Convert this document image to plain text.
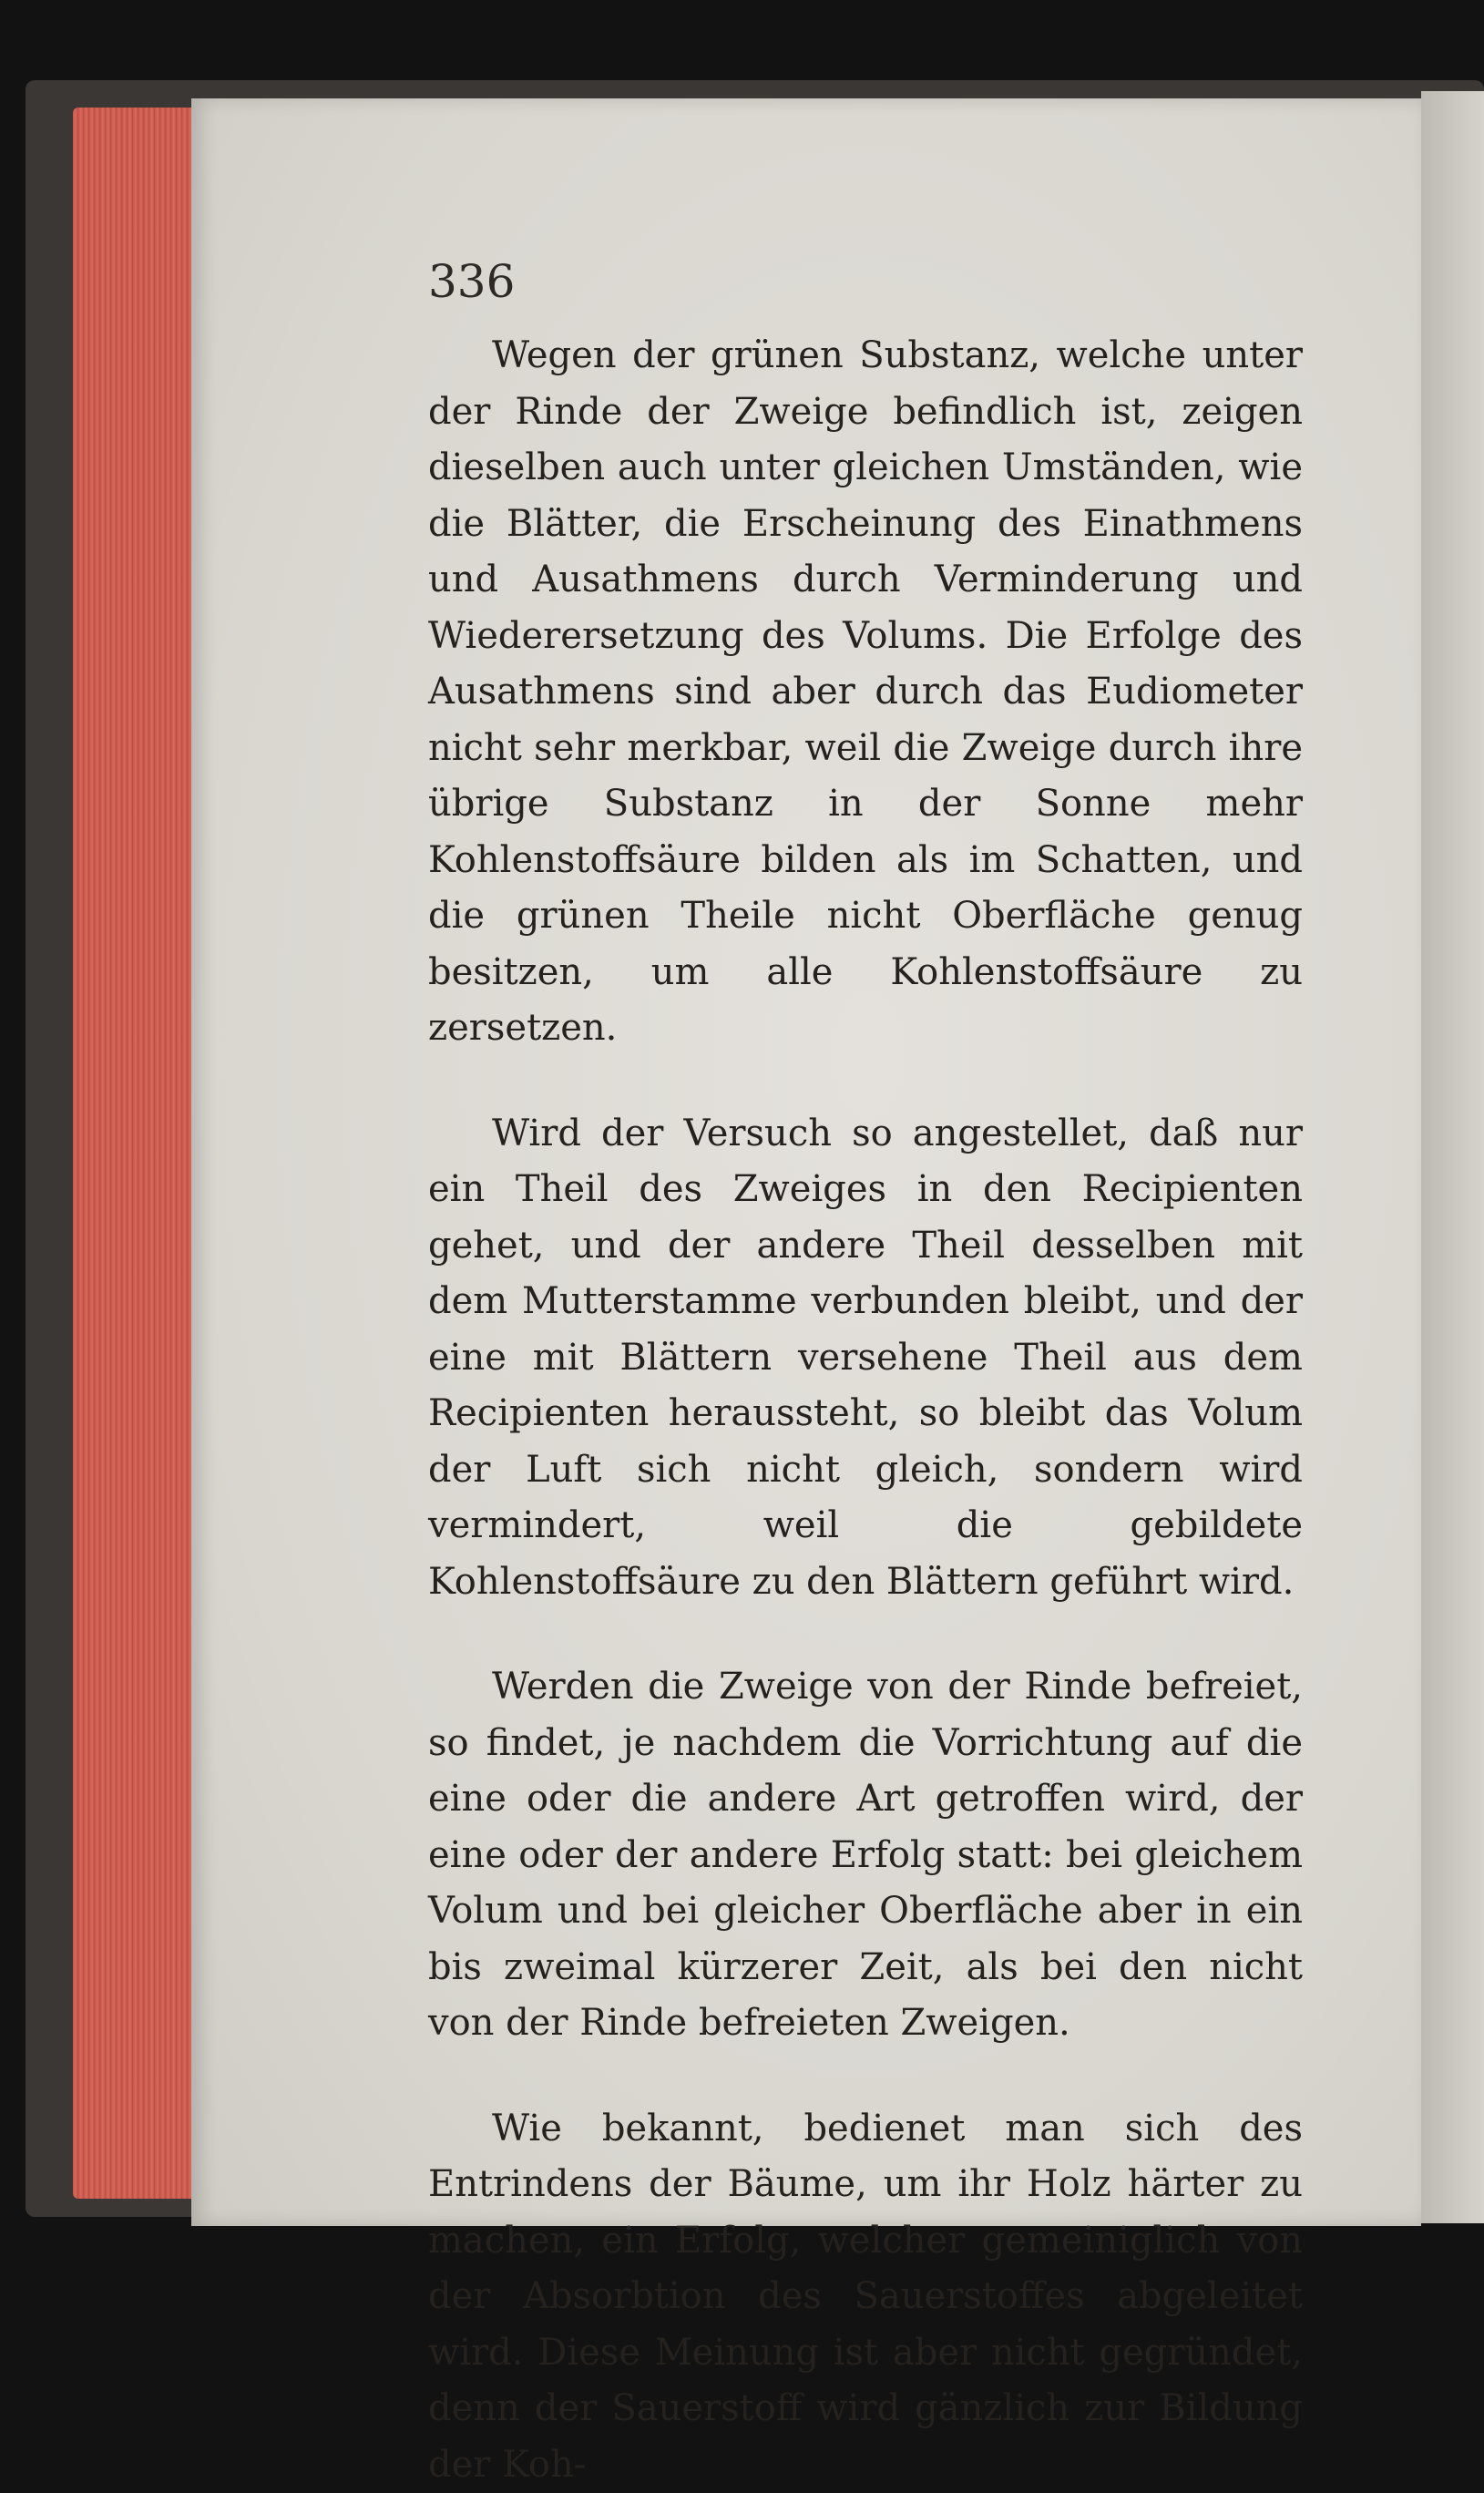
336

Wegen der grünen Substanz, welche unter der Rinde der Zweige befindlich ist, zeigen dieselben auch unter gleichen Umständen, wie die Blätter, die Erscheinung des Einathmens und Ausathmens durch Verminderung und Wiederersetzung des Volums. Die Erfolge des Ausathmens sind aber durch das Eudiometer nicht sehr merkbar, weil die Zweige durch ihre übrige Substanz in der Sonne mehr Kohlenstoffsäure bilden als im Schatten, und die grünen Theile nicht Oberfläche genug besitzen, um alle Kohlenstoffsäure zu zersetzen.

Wird der Versuch so angestellet, daß nur ein Theil des Zweiges in den Recipienten gehet, und der andere Theil desselben mit dem Mutterstamme verbunden bleibt, und der eine mit Blättern versehene Theil aus dem Recipienten heraussteht, so bleibt das Volum der Luft sich nicht gleich, sondern wird vermindert, weil die gebildete Kohlenstoffsäure zu den Blättern geführt wird.

Werden die Zweige von der Rinde befreiet, so findet, je nachdem die Vorrichtung auf die eine oder die andere Art getroffen wird, der eine oder der andere Erfolg statt: bei gleichem Volum und bei gleicher Oberfläche aber in ein bis zweimal kürzerer Zeit, als bei den nicht von der Rinde befreieten Zweigen.

Wie bekannt, bedienet man sich des Entrindens der Bäume, um ihr Holz härter zu machen, ein Erfolg, welcher gemeiniglich von der Absorbtion des Sauerstoffes abgeleitet wird. Diese Meinung ist aber nicht gegründet, denn der Sauerstoff wird gänzlich zur Bildung der Koh-
